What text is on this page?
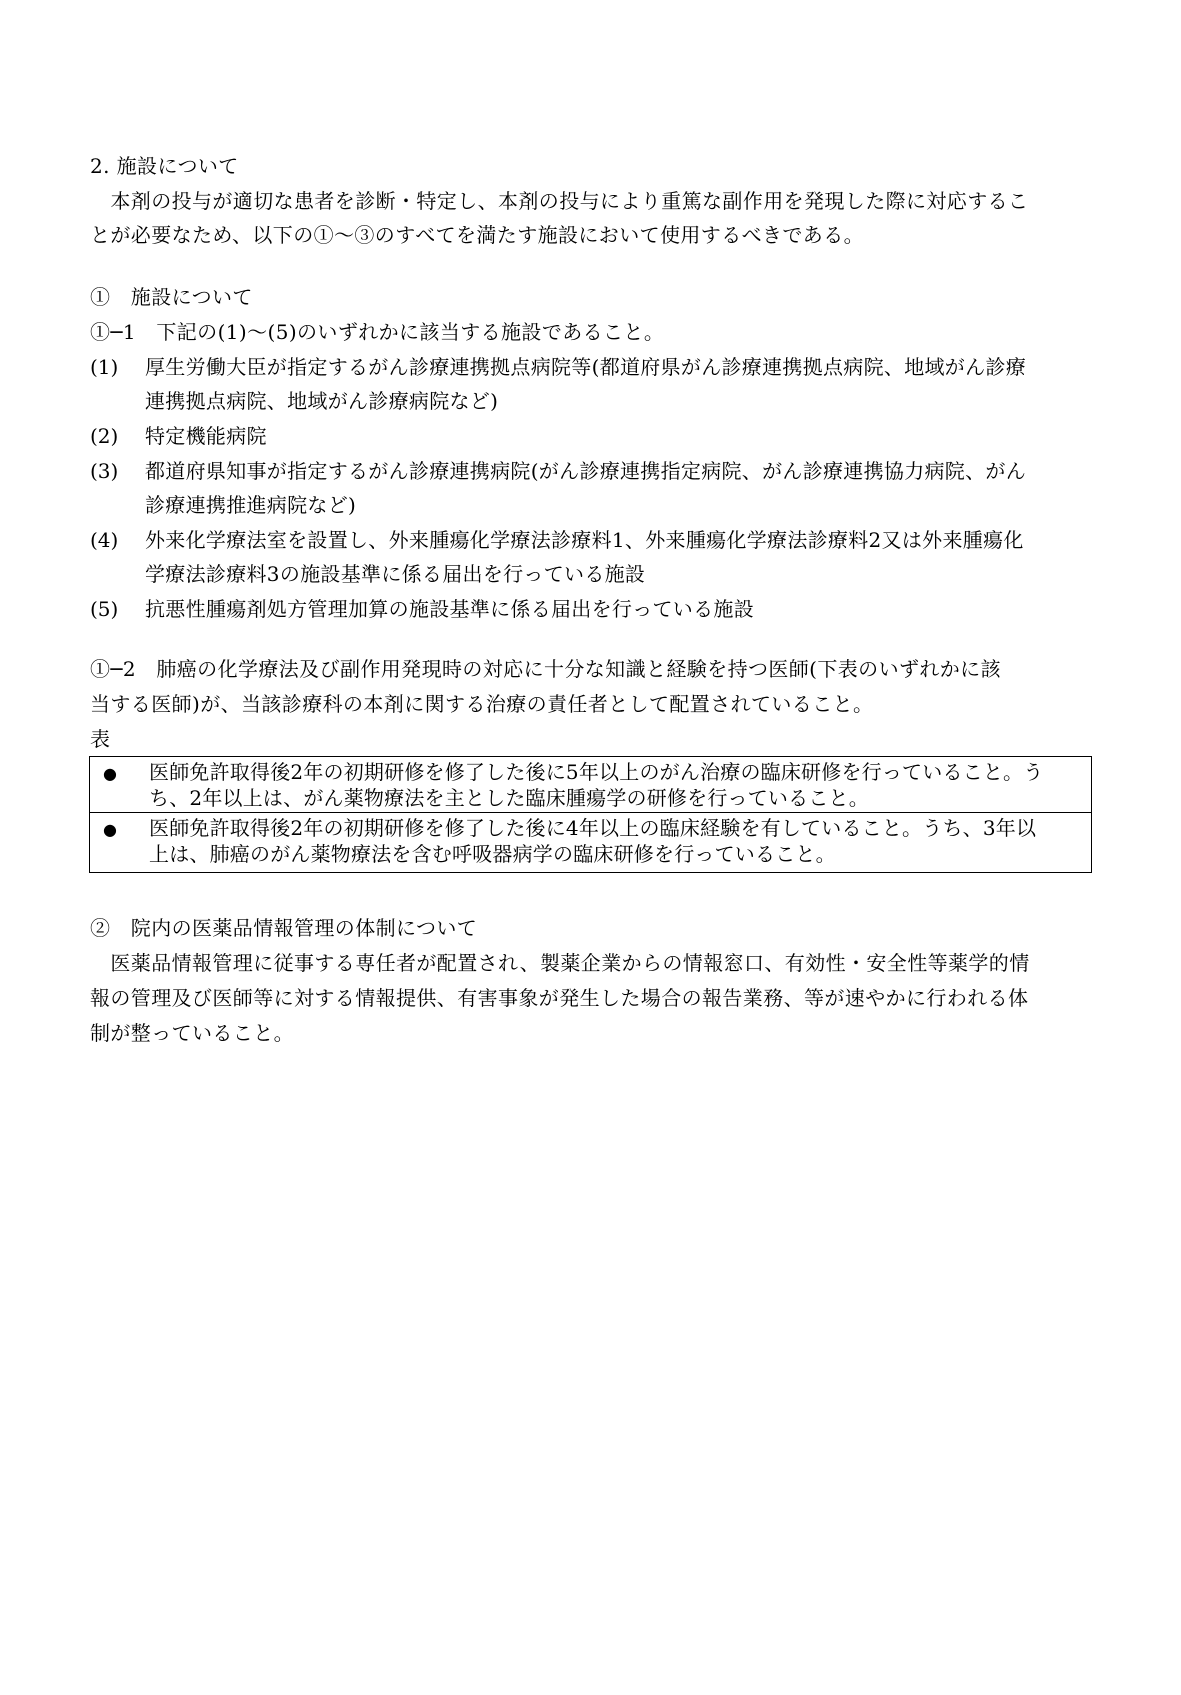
2. 施設について
　本剤の投与が適切な患者を診断・特定し、本剤の投与により重篤な副作用を発現した際に対応するこ
とが必要なため、以下の①～③のすべてを満たす施設において使用するべきである。
①　施設について
①─1　下記の(1)～(5)のいずれかに該当する施設であること。
(1) 厚生労働大臣が指定するがん診療連携拠点病院等(都道府県がん診療連携拠点病院、地域がん診療
連携拠点病院、地域がん診療病院など)
(2) 特定機能病院
(3) 都道府県知事が指定するがん診療連携病院(がん診療連携指定病院、がん診療連携協力病院、がん
診療連携推進病院など)
(4) 外来化学療法室を設置し、外来腫瘍化学療法診療料1、外来腫瘍化学療法診療料2又は外来腫瘍化
学療法診療料3の施設基準に係る届出を行っている施設
(5) 抗悪性腫瘍剤処方管理加算の施設基準に係る届出を行っている施設
①─2　肺癌の化学療法及び副作用発現時の対応に十分な知識と経験を持つ医師(下表のいずれかに該
当する医師)が、当該診療科の本剤に関する治療の責任者として配置されていること。
表
● 医師免許取得後2年の初期研修を修了した後に5年以上のがん治療の臨床研修を行っていること。う
ち、2年以上は、がん薬物療法を主とした臨床腫瘍学の研修を行っていること。
● 医師免許取得後2年の初期研修を修了した後に4年以上の臨床経験を有していること。うち、3年以
上は、肺癌のがん薬物療法を含む呼吸器病学の臨床研修を行っていること。
②　院内の医薬品情報管理の体制について
　医薬品情報管理に従事する専任者が配置され、製薬企業からの情報窓口、有効性・安全性等薬学的情
報の管理及び医師等に対する情報提供、有害事象が発生した場合の報告業務、等が速やかに行われる体
制が整っていること。
